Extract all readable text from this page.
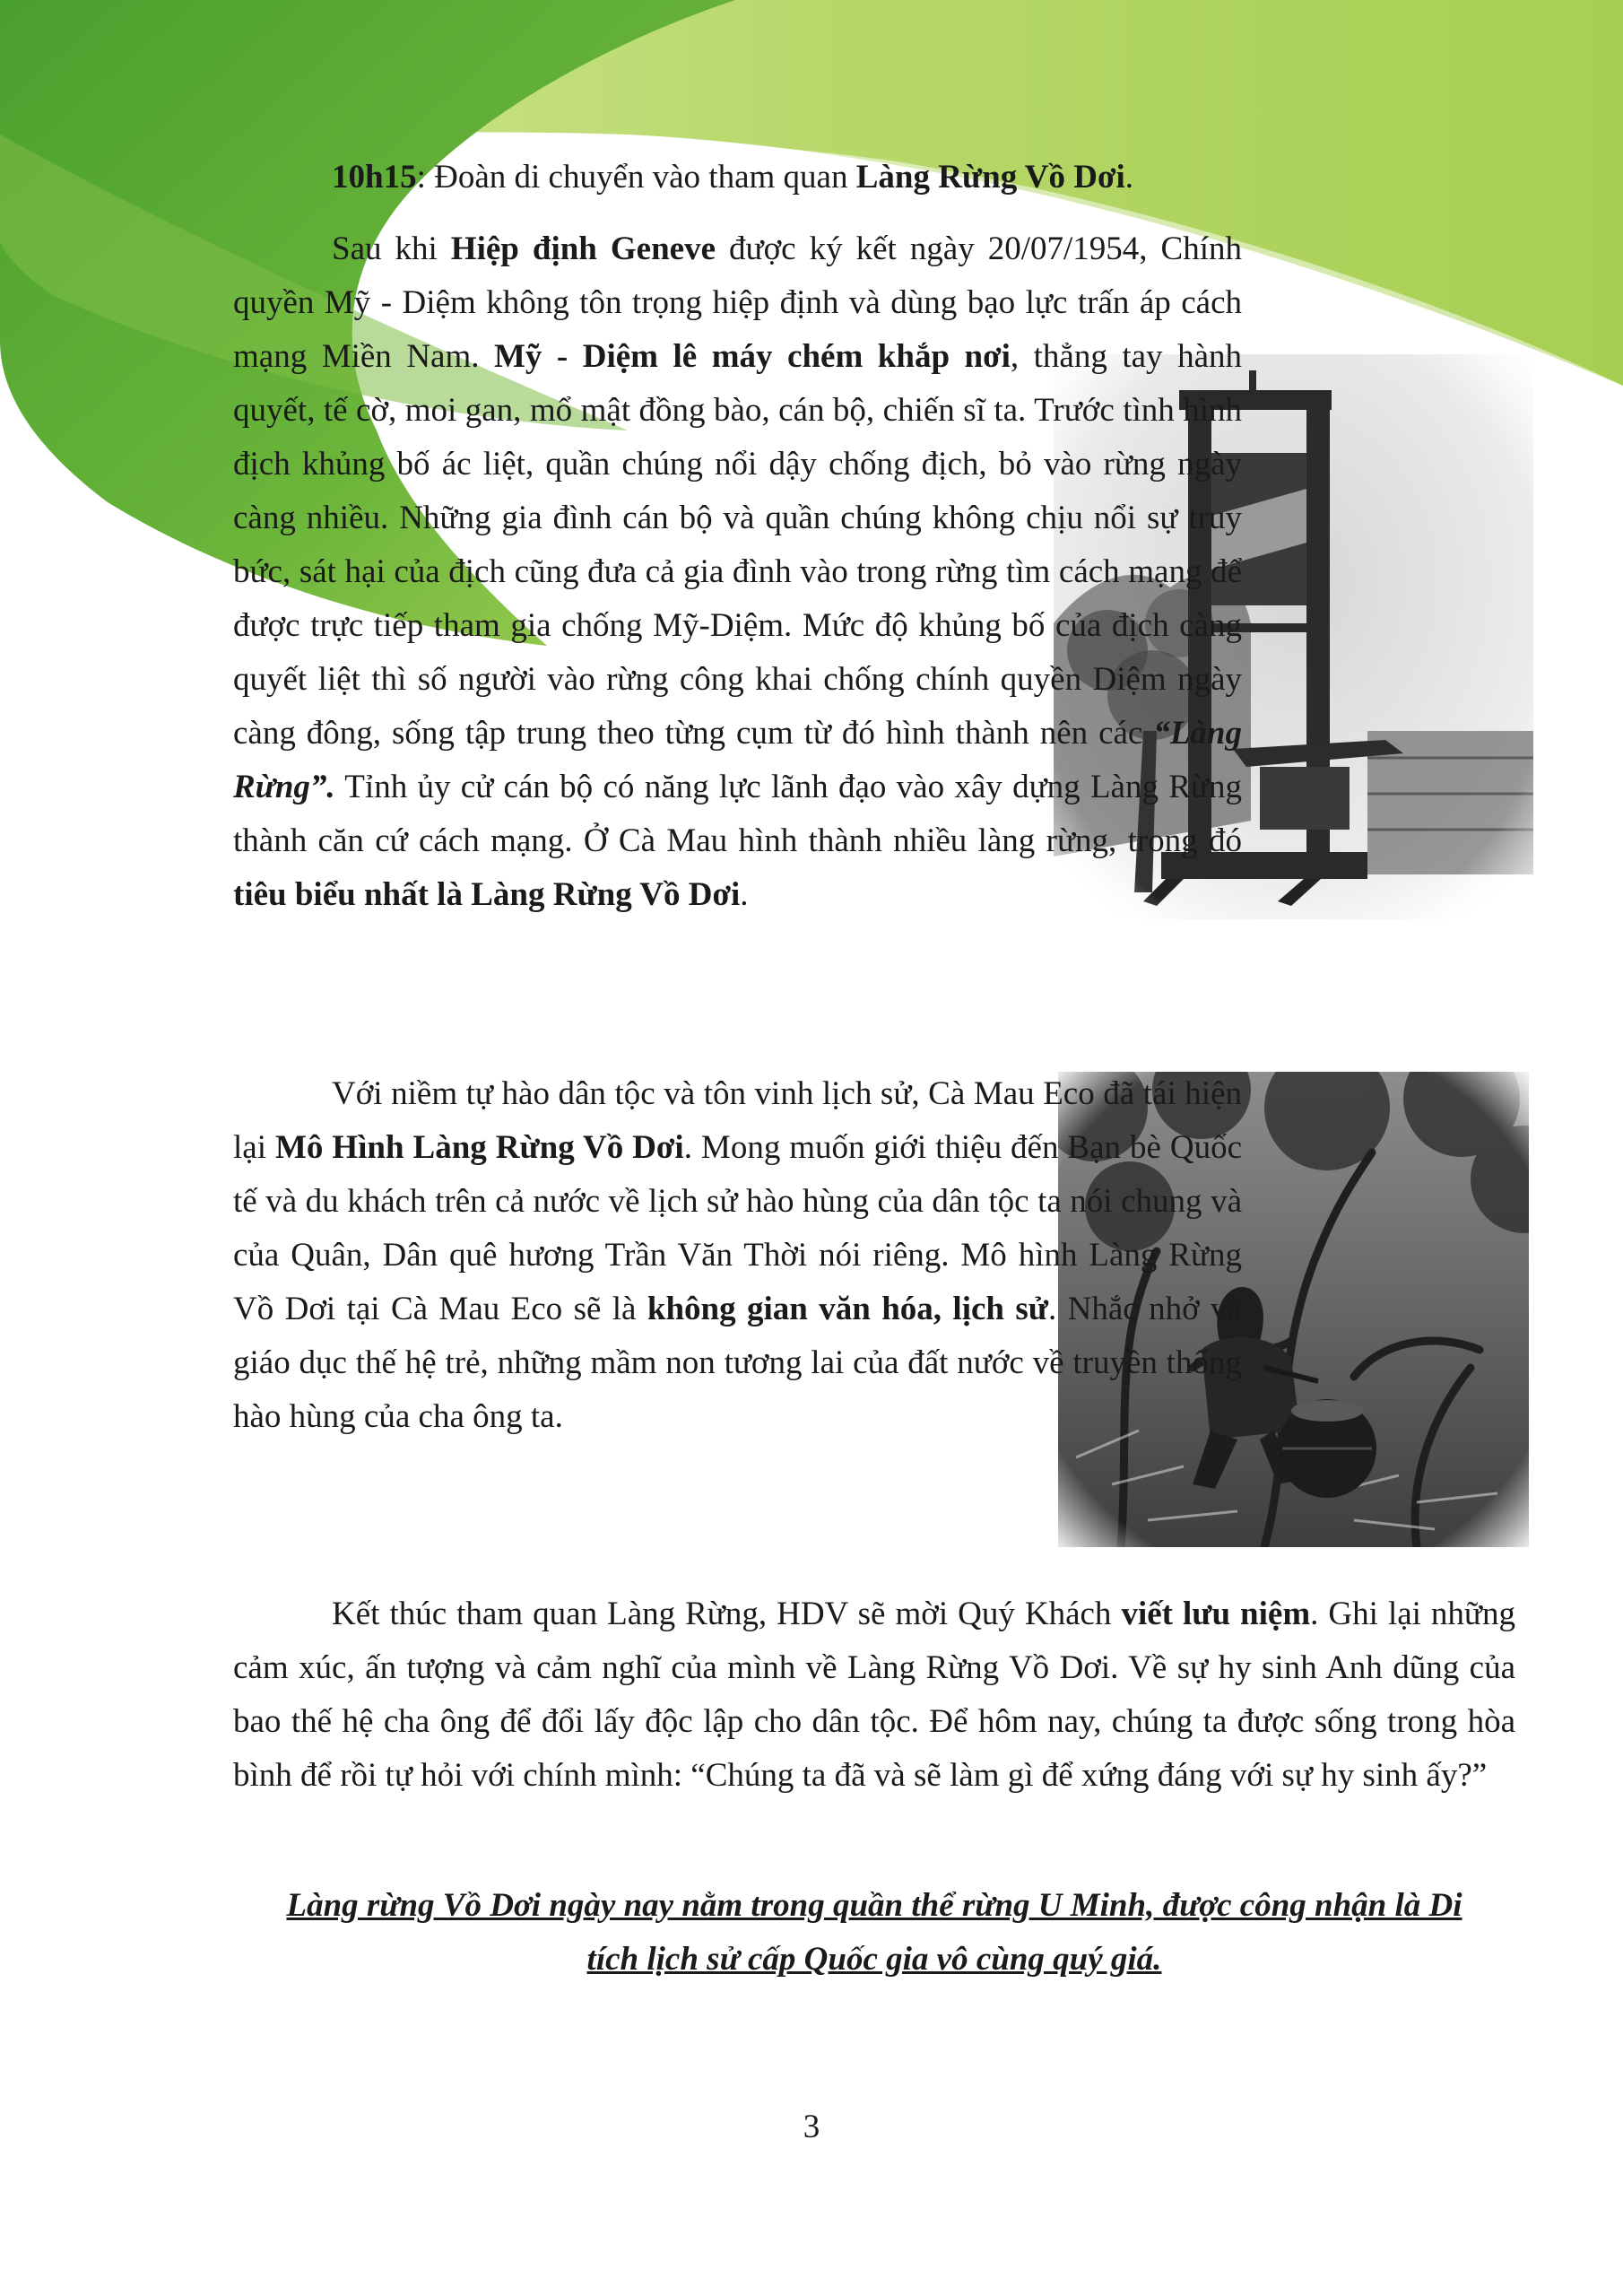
10h15: Đoàn di chuyển vào tham quan Làng Rừng Vồ Dơi.

Sau khi Hiệp định Geneve được ký kết ngày 20/07/1954, Chính quyền Mỹ - Diệm không tôn trọng hiệp định và dùng bạo lực trấn áp cách mạng Miền Nam. Mỹ - Diệm lê máy chém khắp nơi, thẳng tay hành quyết, tế cờ, moi gan, mổ mật đồng bào, cán bộ, chiến sĩ ta. Trước tình hình địch khủng bố ác liệt, quần chúng nổi dậy chống địch, bỏ vào rừng ngày càng nhiều. Những gia đình cán bộ và quần chúng không chịu nổi sự truy bức, sát hại của địch cũng đưa cả gia đình vào trong rừng tìm cách mạng để được trực tiếp tham gia chống Mỹ-Diệm. Mức độ khủng bố của địch càng quyết liệt thì số người vào rừng công khai chống chính quyền Diệm ngày càng đông, sống tập trung theo từng cụm từ đó hình thành nên các “Làng Rừng”. Tỉnh ủy cử cán bộ có năng lực lãnh đạo vào xây dựng Làng Rừng thành căn cứ cách mạng. Ở Cà Mau hình thành nhiều làng rừng, trong đó tiêu biểu nhất là Làng Rừng Vồ Dơi.

Với niềm tự hào dân tộc và tôn vinh lịch sử, Cà Mau Eco đã tái hiện lại Mô Hình Làng Rừng Vồ Dơi. Mong muốn giới thiệu đến Bạn bè Quốc tế và du khách trên cả nước về lịch sử hào hùng của dân tộc ta nói chung và của Quân, Dân quê hương Trần Văn Thời nói riêng. Mô hình Làng Rừng Vồ Dơi tại Cà Mau Eco sẽ là không gian văn hóa, lịch sử. Nhắc nhở và giáo dục thế hệ trẻ, những mầm non tương lai của đất nước về truyền thống hào hùng của cha ông ta.

Kết thúc tham quan Làng Rừng, HDV sẽ mời Quý Khách viết lưu niệm. Ghi lại những cảm xúc, ấn tượng và cảm nghĩ của mình về Làng Rừng Vồ Dơi. Về sự hy sinh Anh dũng của bao thế hệ cha ông để đổi lấy độc lập cho dân tộc. Để hôm nay, chúng ta được sống trong hòa bình để rồi tự hỏi với chính mình: “Chúng ta đã và sẽ làm gì để xứng đáng với sự hy sinh ấy?”

Làng rừng Vồ Dơi ngày nay nằm trong quần thể rừng U Minh, được công nhận là Di
tích lịch sử cấp Quốc gia vô cùng quý giá.
3
